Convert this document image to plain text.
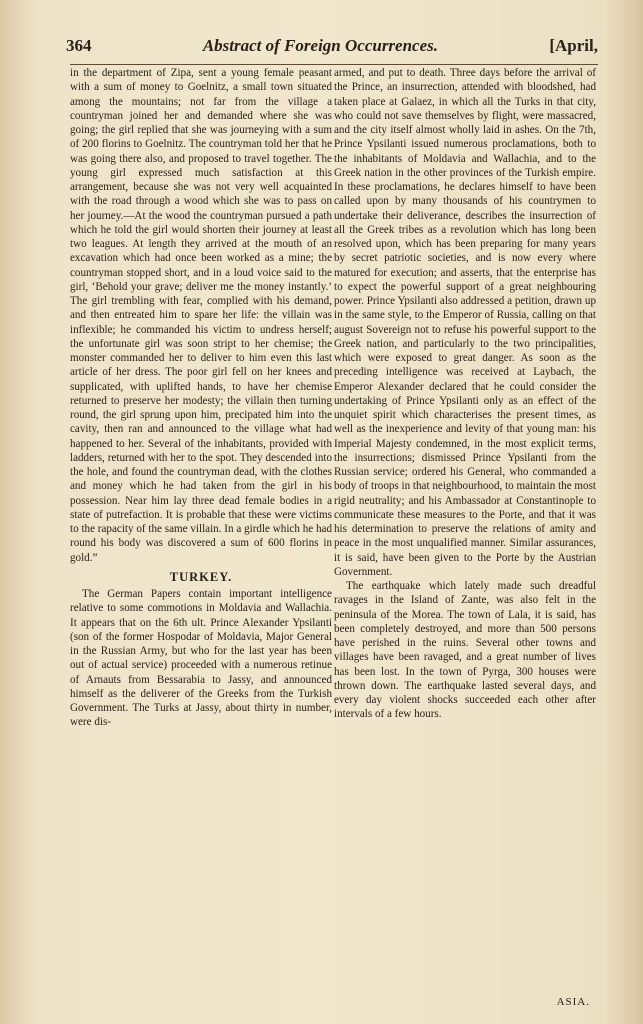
364	Abstract of Foreign Occurrences.	[April,

in the department of Zipa, sent a young female peasant with a sum of money to Goelnitz, a small town situated among the mountains; not far from the village a countryman joined her and demanded where she was going; the girl replied that she was journeying with a sum of 200 florins to Goelnitz. The countryman told her that he was going there also, and proposed to travel together. The young girl expressed much satisfaction at this arrangement, because she was not very well acquainted with the road through a wood which she was to pass on her journey.—At the wood the countryman pursued a path which he told the girl would shorten their journey at least two leagues. At length they arrived at the mouth of an excavation which had once been worked as a mine; the countryman stopped short, and in a loud voice said to the girl, ‘Behold your grave; deliver me the money instantly.’ The girl trembling with fear, complied with his demand, and then entreated him to spare her life: the villain was inflexible; he commanded his victim to undress herself; the unfortunate girl was soon stript to her chemise; the monster commanded her to deliver to him even this last article of her dress. The poor girl fell on her knees and supplicated, with uplifted hands, to have her chemise returned to preserve her modesty; the villain then turning round, the girl sprung upon him, precipated him into the cavity, then ran and announced to the village what had happened to her. Several of the inhabitants, provided with ladders, returned with her to the spot. They descended into the hole, and found the countryman dead, with the clothes and money which he had taken from the girl in his possession. Near him lay three dead female bodies in a state of putrefaction. It is probable that these were victims to the rapacity of the same villain. In a girdle which he had round his body was discovered a sum of 600 florins in gold.”

TURKEY.

The German Papers contain important intelligence relative to some commotions in Moldavia and Wallachia. It appears that on the 6th ult. Prince Alexander Ypsilanti (son of the former Hospodar of Moldavia, Major General in the Russian Army, but who for the last year has been out of actual service) proceeded with a numerous retinue of Arnauts from Bessarabia to Jassy, and announced himself as the deliverer of the Greeks from the Turkish Government. The Turks at Jassy, about thirty in number, were dis-

armed, and put to death. Three days before the arrival of the Prince, an insurrection, attended with bloodshed, had taken place at Galaez, in which all the Turks in that city, who could not save themselves by flight, were massacred, and the city itself almost wholly laid in ashes. On the 7th, Prince Ypsilanti issued numerous proclamations, both to the inhabitants of Moldavia and Wallachia, and to the Greek nation in the other provinces of the Turkish empire. In these proclamations, he declares himself to have been called upon by many thousands of his countrymen to undertake their deliverance, describes the insurrection of all the Greek tribes as a revolution which has long been resolved upon, which has been preparing for many years by secret patriotic societies, and is now every where matured for execution; and asserts, that the enterprise has to expect the powerful support of a great neighbouring power. Prince Ypsilanti also addressed a petition, drawn up in the same style, to the Emperor of Russia, calling on that august Sovereign not to refuse his powerful support to the Greek nation, and particularly to the two principalities, which were exposed to great danger. As soon as the preceding intelligence was received at Laybach, the Emperor Alexander declared that he could consider the undertaking of Prince Ypsilanti only as an effect of the unquiet spirit which characterises the present times, as well as the inexperience and levity of that young man: his Imperial Majesty condemned, in the most explicit terms, the insurrections; dismissed Prince Ypsilanti from the Russian service; ordered his General, who commanded a body of troops in that neighbourhood, to maintain the most rigid neutrality; and his Ambassador at Constantinople to communicate these measures to the Porte, and that it was his determination to preserve the relations of amity and peace in the most unqualified manner. Similar assurances, it is said, have been given to the Porte by the Austrian Government.

The earthquake which lately made such dreadful ravages in the Island of Zante, was also felt in the peninsula of the Morea. The town of Lala, it is said, has been completely destroyed, and more than 500 persons have perished in the ruins. Several other towns and villages have been ravaged, and a great number of lives has been lost. In the town of Pyrga, 300 houses were thrown down. The earthquake lasted several days, and every day violent shocks succeeded each other after intervals of a few hours.

ASIA.
